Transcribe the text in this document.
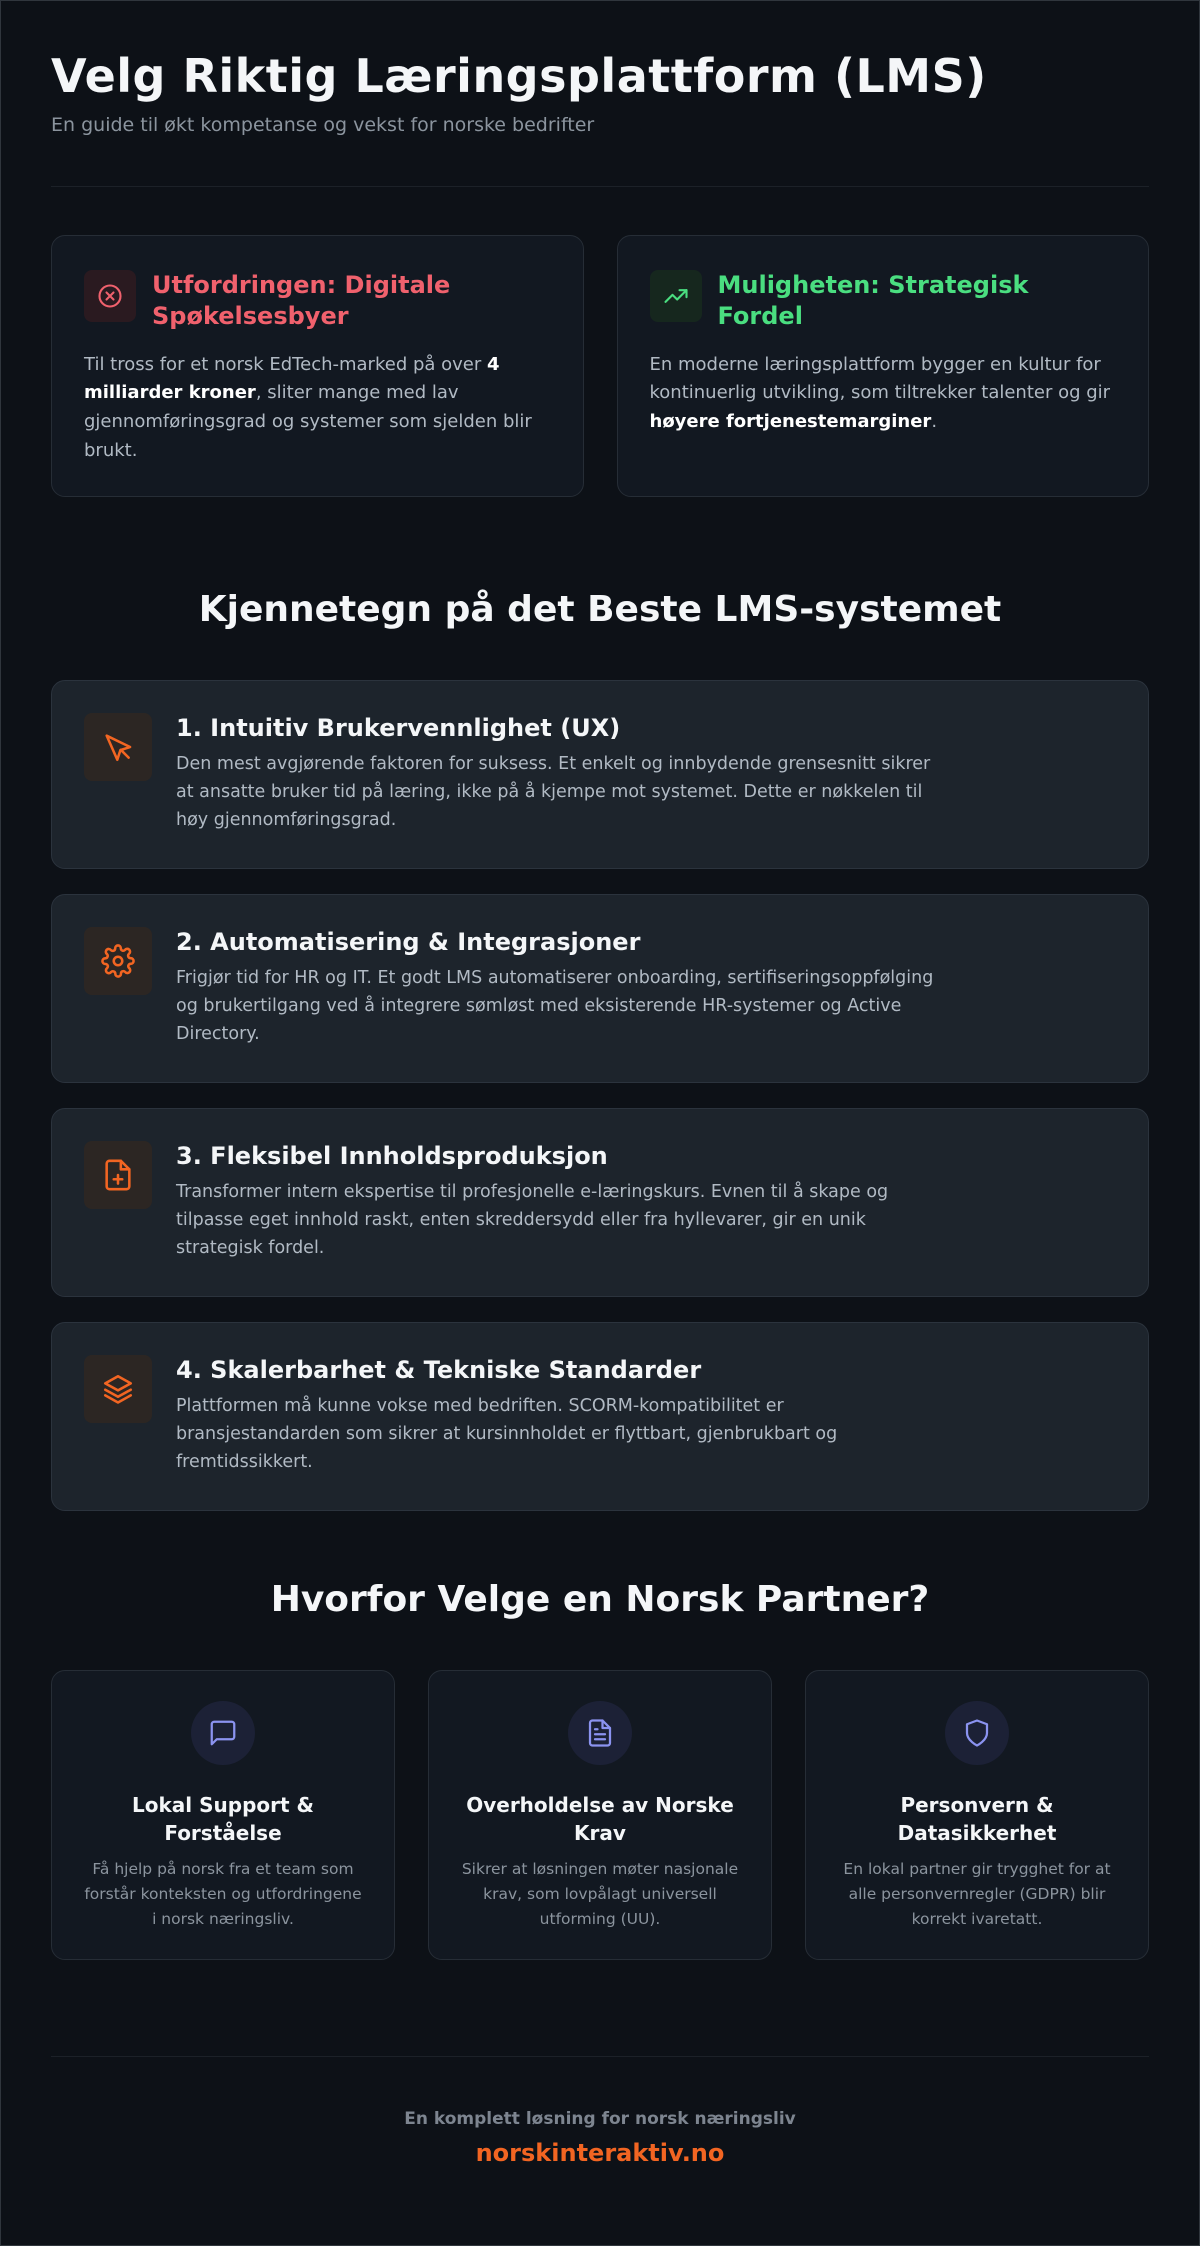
Velg Riktig Læringsplattform (LMS)

En guide til økt kompetanse og vekst for norske bedrifter

Utfordringen: Digitale Spøkelsesbyer

Til tross for et norsk EdTech-marked på over 4 milliarder kroner, sliter mange med lav gjennomføringsgrad og systemer som sjelden blir brukt.

Muligheten: Strategisk Fordel

En moderne læringsplattform bygger en kultur for kontinuerlig utvikling, som tiltrekker talenter og gir høyere fortjenestemarginer.

Kjennetegn på det Beste LMS-systemet
1. Intuitiv Brukervennlighet (UX)

Den mest avgjørende faktoren for suksess. Et enkelt og innbydende grensesnitt sikrer at ansatte bruker tid på læring, ikke på å kjempe mot systemet. Dette er nøkkelen til høy gjennomføringsgrad.

2. Automatisering & Integrasjoner

Frigjør tid for HR og IT. Et godt LMS automatiserer onboarding, sertifiseringsoppfølging og brukertilgang ved å integrere sømløst med eksisterende HR-systemer og Active Directory.

3. Fleksibel Innholdsproduksjon

Transformer intern ekspertise til profesjonelle e-læringskurs. Evnen til å skape og tilpasse eget innhold raskt, enten skreddersydd eller fra hyllevarer, gir en unik strategisk fordel.

4. Skalerbarhet & Tekniske Standarder

Plattformen må kunne vokse med bedriften. SCORM-kompatibilitet er bransjestandarden som sikrer at kursinnholdet er flyttbart, gjenbrukbart og fremtidssikkert.

Hvorfor Velge en Norsk Partner?
Lokal Support & Forståelse

Få hjelp på norsk fra et team som forstår konteksten og utfordringene i norsk næringsliv.

Overholdelse av Norske Krav

Sikrer at løsningen møter nasjonale krav, som lovpålagt universell utforming (UU).

Personvern & Datasikkerhet

En lokal partner gir trygghet for at alle personvernregler (GDPR) blir korrekt ivaretatt.

En komplett løsning for norsk næringsliv

norskinteraktiv.no
